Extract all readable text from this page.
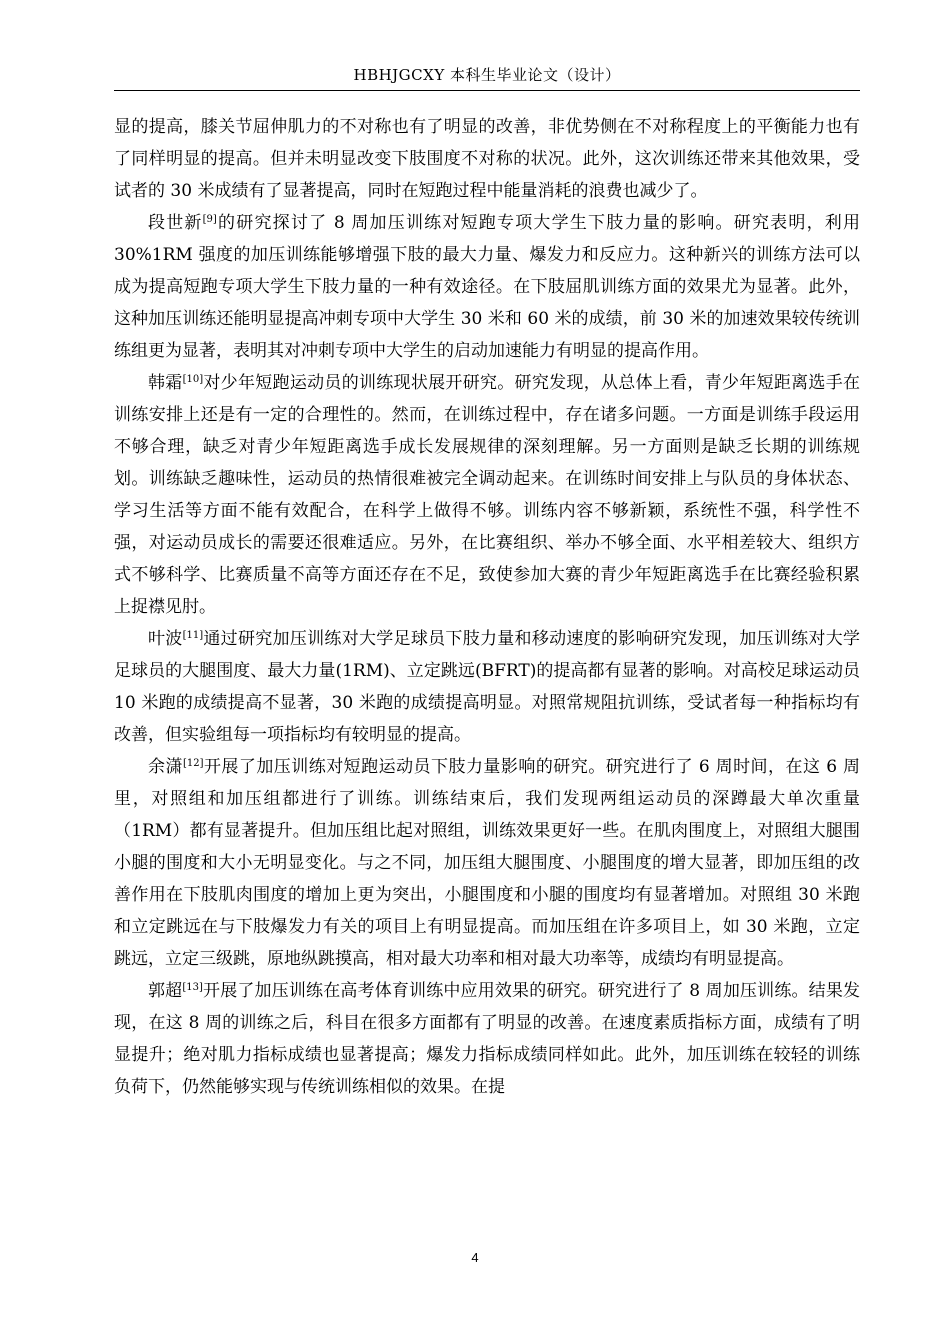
HBHJGCXY 本科生毕业论文（设计）

显的提高，膝关节屈伸肌力的不对称也有了明显的改善，非优势侧在不对称程度上的平衡能力也有了同样明显的提高。但并未明显改变下肢围度不对称的状况。此外，这次训练还带来其他效果，受试者的 30 米成绩有了显著提高，同时在短跑过程中能量消耗的浪费也减少了。

段世新[9]的研究探讨了 8 周加压训练对短跑专项大学生下肢力量的影响。研究表明，利用 30%1RM 强度的加压训练能够增强下肢的最大力量、爆发力和反应力。这种新兴的训练方法可以成为提高短跑专项大学生下肢力量的一种有效途径。在下肢屈肌训练方面的效果尤为显著。此外，这种加压训练还能明显提高冲刺专项中大学生 30 米和 60 米的成绩，前 30 米的加速效果较传统训练组更为显著，表明其对冲刺专项中大学生的启动加速能力有明显的提高作用。

韩霜[10]对少年短跑运动员的训练现状展开研究。研究发现，从总体上看，青少年短距离选手在训练安排上还是有一定的合理性的。然而，在训练过程中，存在诸多问题。一方面是训练手段运用不够合理，缺乏对青少年短距离选手成长发展规律的深刻理解。另一方面则是缺乏长期的训练规划。训练缺乏趣味性，运动员的热情很难被完全调动起来。在训练时间安排上与队员的身体状态、学习生活等方面不能有效配合，在科学上做得不够。训练内容不够新颖，系统性不强，科学性不强，对运动员成长的需要还很难适应。另外，在比赛组织、举办不够全面、水平相差较大、组织方式不够科学、比赛质量不高等方面还存在不足，致使参加大赛的青少年短距离选手在比赛经验积累上捉襟见肘。

叶波[11]通过研究加压训练对大学足球员下肢力量和移动速度的影响研究发现，加压训练对大学足球员的大腿围度、最大力量(1RM)、立定跳远(BFRT)的提高都有显著的影响。对高校足球运动员 10 米跑的成绩提高不显著，30 米跑的成绩提高明显。对照常规阻抗训练，受试者每一种指标均有改善，但实验组每一项指标均有较明显的提高。

余潇[12]开展了加压训练对短跑运动员下肢力量影响的研究。研究进行了 6 周时间，在这 6 周里，对照组和加压组都进行了训练。训练结束后，我们发现两组运动员的深蹲最大单次重量（1RM）都有显著提升。但加压组比起对照组，训练效果更好一些。在肌肉围度上，对照组大腿围小腿的围度和大小无明显变化。与之不同，加压组大腿围度、小腿围度的增大显著，即加压组的改善作用在下肢肌肉围度的增加上更为突出，小腿围度和小腿的围度均有显著增加。对照组 30 米跑和立定跳远在与下肢爆发力有关的项目上有明显提高。而加压组在许多项目上，如 30 米跑，立定跳远，立定三级跳，原地纵跳摸高，相对最大功率和相对最大功率等，成绩均有明显提高。

郭超[13]开展了加压训练在高考体育训练中应用效果的研究。研究进行了 8 周加压训练。结果发现，在这 8 周的训练之后，科目在很多方面都有了明显的改善。在速度素质指标方面，成绩有了明显提升；绝对肌力指标成绩也显著提高；爆发力指标成绩同样如此。此外，加压训练在较轻的训练负荷下，仍然能够实现与传统训练相似的效果。在提

4
